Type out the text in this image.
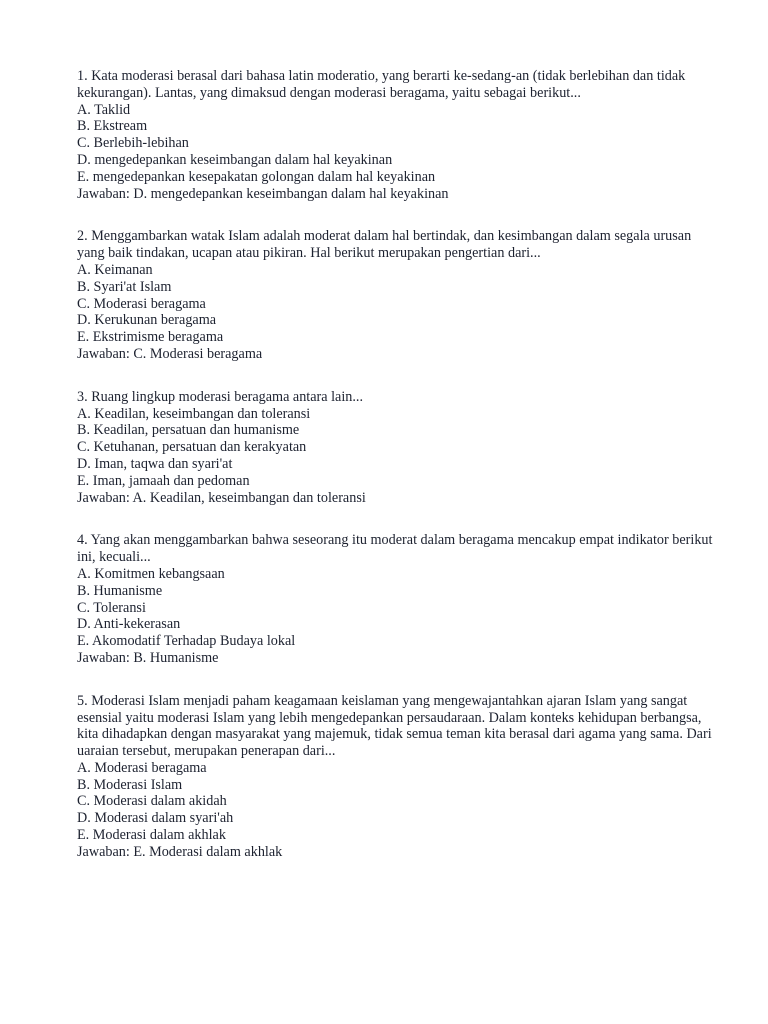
1. Kata moderasi berasal dari bahasa latin moderatio, yang berarti ke-sedang-an (tidak berlebihan dan tidak kekurangan). Lantas, yang dimaksud dengan moderasi beragama, yaitu sebagai berikut...

A. Taklid
B. Ekstream
C. Berlebih-lebihan
D. mengedepankan keseimbangan dalam hal keyakinan
E. mengedepankan kesepakatan golongan dalam hal keyakinan
Jawaban: D. mengedepankan keseimbangan dalam hal keyakinan

2. Menggambarkan watak Islam adalah moderat dalam hal bertindak, dan kesimbangan dalam segala urusan yang baik tindakan, ucapan atau pikiran. Hal berikut merupakan pengertian dari...

A. Keimanan
B. Syari'at Islam
C. Moderasi beragama
D. Kerukunan beragama
E. Ekstrimisme beragama
Jawaban: C. Moderasi beragama

3. Ruang lingkup moderasi beragama antara lain...

A. Keadilan, keseimbangan dan toleransi
B. Keadilan, persatuan dan humanisme
C. Ketuhanan, persatuan dan kerakyatan
D. Iman, taqwa dan syari'at
E. Iman, jamaah dan pedoman
Jawaban: A. Keadilan, keseimbangan dan toleransi

4. Yang akan menggambarkan bahwa seseorang itu moderat dalam beragama mencakup empat indikator berikut ini, kecuali...

A. Komitmen kebangsaan
B. Humanisme
C. Toleransi
D. Anti-kekerasan
E. Akomodatif Terhadap Budaya lokal
Jawaban: B. Humanisme

5. Moderasi Islam menjadi paham keagamaan keislaman yang mengewajantahkan ajaran Islam yang sangat esensial yaitu moderasi Islam yang lebih mengedepankan persaudaraan. Dalam konteks kehidupan berbangsa, kita dihadapkan dengan masyarakat yang majemuk, tidak semua teman kita berasal dari agama yang sama. Dari uaraian tersebut, merupakan penerapan dari...

A. Moderasi beragama
B. Moderasi Islam
C. Moderasi dalam akidah
D. Moderasi dalam syari'ah
E. Moderasi dalam akhlak
Jawaban: E. Moderasi dalam akhlak
